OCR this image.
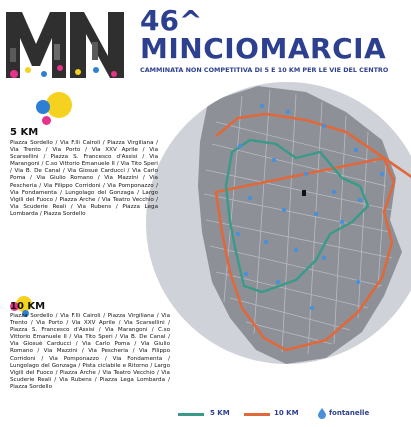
46^
MINCIOMARCIA
CAMMINATA NON COMPETITIVA DI 5 E 10 KM PER LE VIE DEL CENTRO
5 KM
Piazza Sordello / Via F.lli Cairoli / Piazza Virgiliana / Via Trento / Via Porto / Via XXV Aprile / Via Scarsellini / Piazza S. Francesco d'Assisi / Via Marangoni / C.so Vittorio Emanuele II / Via Tito Speri / Via B. De Canal / Via Giosuè Carducci / Via Carlo Poma / Via Giulio Romano / Via Mazzini / Via Pescheria / Via Filippo Corridoni / Via Pomponazzo / Via Fondamenta / Lungolago del Gonzaga / Largo Vigili del Fuoco / Piazza Arche / Via Teatro Vecchio / Via Scuderie Reali / Via Rubens / Piazza Lega Lombarda / Piazza Sordello
10 KM
Piazza Sordello / Via F.lli Cairoli / Piazza Virgiliana / Via Trento / Via Porto / Via XXV Aprile / Via Scarsellini / Piazza S. Francesco d'Assisi / Via Marangoni / C.so Vittorio Emanuele II / Via Tito Speri / Via B. De Canal / Via Giosuè Carducci / Via Carlo Poma / Via Giulio Romano / Via Mazzini / Via Pescheria / Via Filippo Corridoni / Via Pomponazzo / Via Fondamenta / Lungolago del Gonzaga / Pista ciclabile e Ritorno / Largo Vigili del Fuoco / Piazza Arche / Via Teatro Vecchio / Via Scuderie Reali / Via Rubens / Piazza Lega Lombarda / Piazza Sordello
5 KM	10 KM	fontanelle
